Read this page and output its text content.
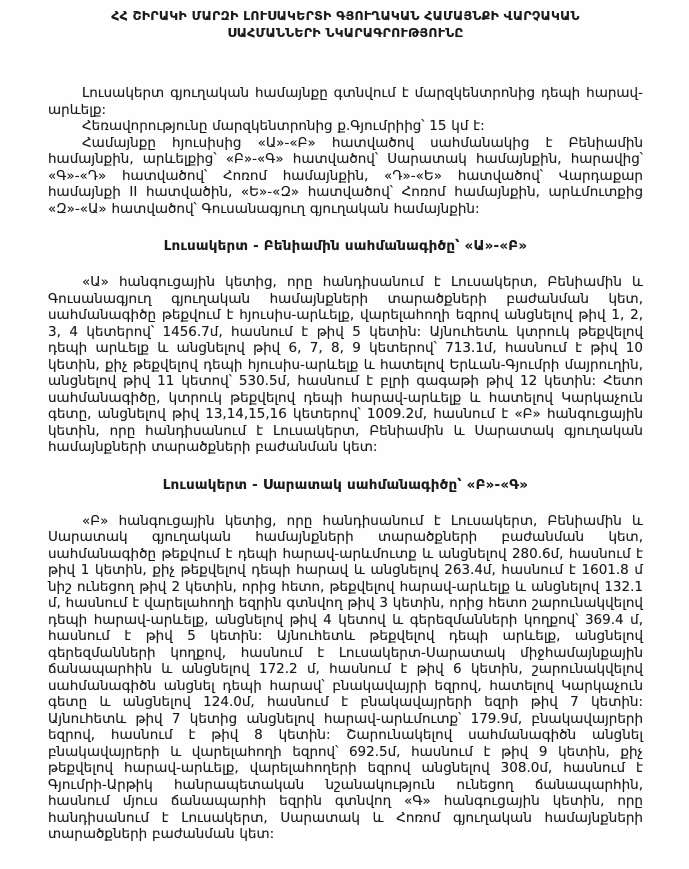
ՀՀ ՇԻՐԱԿԻ ՄԱՐԶԻ ԼՈՒՍԱԿԵՐՏԻ ԳՅՈՒՂԱԿԱՆ ՀԱՄԱՅՆՔԻ ՎԱՐՉԱԿԱՆ
ՍԱՀՄԱՆՆԵՐԻ ՆԿԱՐԱԳՐՈՒԹՅՈՒՆԸ

Լուսակերտ գյուղական համայնքը գտնվում է մարզկենտրոնից դեպի հարավ-արևելք:

Հեռավորությունը մարզկենտրոնից ք.Գյումրիից՝ 15 կմ է:

Համայնքը հյուսիսից «Ա»-«Բ» հատվածով սահմանակից է Բենիամին համայնքին, արևելքից՝ «Բ»-«Գ» հատվածով՝ Սարատակ համայնքին, հարավից՝ «Գ»-«Դ» հատվածով՝ Հոռոմ համայնքին, «Դ»-«Ե» հատվածով՝ Վարդաքար համայնքի II հատվածին, «Ե»-«Զ» հատվածով՝ Հոռոմ համայնքին, արևմուտքից «Զ»-«Ա» հատվածով՝ Գուսանագյուղ գյուղական համայնքին:

Լուսակերտ - Բենիամին սահմանագիծը՝ «Ա»-«Բ»

«Ա» հանգուցային կետից, որը հանդիսանում է Լուսակերտ, Բենիամին և Գուսանագյուղ գյուղական համայնքների տարածքների բաժանման կետ, սահմանագիծը թեքվում է հյուսիս-արևելք, վարելահողի եզրով անցնելով թիվ 1, 2, 3, 4 կետերով՝ 1456.7մ, հասնում է թիվ 5 կետին: Այնուհետև կտրուկ թեքվելով դեպի արևելք և անցնելով թիվ 6, 7, 8, 9 կետերով՝ 713.1մ, հասնում է թիվ 10 կետին, քիչ թեքվելով դեպի հյուսիս-արևելք և հատելով Երևան-Գյումրի մայրուղին, անցնելով թիվ 11 կետով՝ 530.5մ, հասնում է բլրի գագաթի թիվ 12 կետին: Հետո սահմանագիծը, կտրուկ թեքվելով դեպի հարավ-արևելք և հատելով Կարկաչուն գետը, անցնելով թիվ 13,14,15,16 կետերով՝ 1009.2մ, հասնում է «Բ» հանգուցային կետին, որը հանդիսանում է Լուսակերտ, Բենիամին և Սարատակ գյուղական համայնքների տարածքների բաժանման կետ:

Լուսակերտ - Սարատակ սահմանագիծը՝ «Բ»-«Գ»

«Բ» հանգուցային կետից, որը հանդիսանում է Լուսակերտ, Բենիամին և Սարատակ գյուղական համայնքների տարածքների բաժանման կետ, սահմանագիծը թեքվում է դեպի հարավ-արևմուտք և անցնելով 280.6մ, հասնում է թիվ 1 կետին, քիչ թեքվելով դեպի հարավ և անցնելով 263.4մ, հասնում է 1601.8 մ նիշ ունեցող թիվ 2 կետին, որից հետո, թեքվելով հարավ-արևելք և անցնելով 132.1 մ, հասնում է վարելահողի եզրին գտնվող թիվ 3 կետին, որից հետո շարունակվելով դեպի հարավ-արևելք, անցնելով թիվ 4 կետով և գերեզմանների կողքով՝ 369.4 մ, հասնում է թիվ 5 կետին: Այնուհետև թեքվելով դեպի արևելք, անցնելով գերեզմանների կողքով, հասնում է Լուսակերտ-Սարատակ միջհամայնքային ճանապարհին և անցնելով 172.2 մ, հասնում է թիվ 6 կետին, շարունակվելով սահմանագիծն անցնել դեպի հարավ՝ բնակավայրի եզրով, հատելով Կարկաչուն գետը և անցնելով 124.0մ, հասնում է բնակավայրերի եզրի թիվ 7 կետին: Այնուհետև թիվ 7 կետից անցնելով հարավ-արևմուտք՝ 179.9մ, բնակավայրերի եզրով, հասնում է թիվ 8 կետին: Շարունակելով սահմանագիծն անցնել բնակավայրերի և վարելահողի եզրով՝ 692.5մ, հասնում է թիվ 9 կետին, քիչ թեքվելով հարավ-արևելք, վարելահողերի եզրով անցնելով 308.0մ, հասնում է Գյումրի-Արթիկ հանրապետական նշանակություն ունեցող ճանապարհին, հասնում մյուս ճանապարհի եզրին գտնվող «Գ» հանգուցային կետին, որը հանդիսանում է Լուսակերտ, Սարատակ և Հոռոմ գյուղական համայնքների տարածքների բաժանման կետ:
